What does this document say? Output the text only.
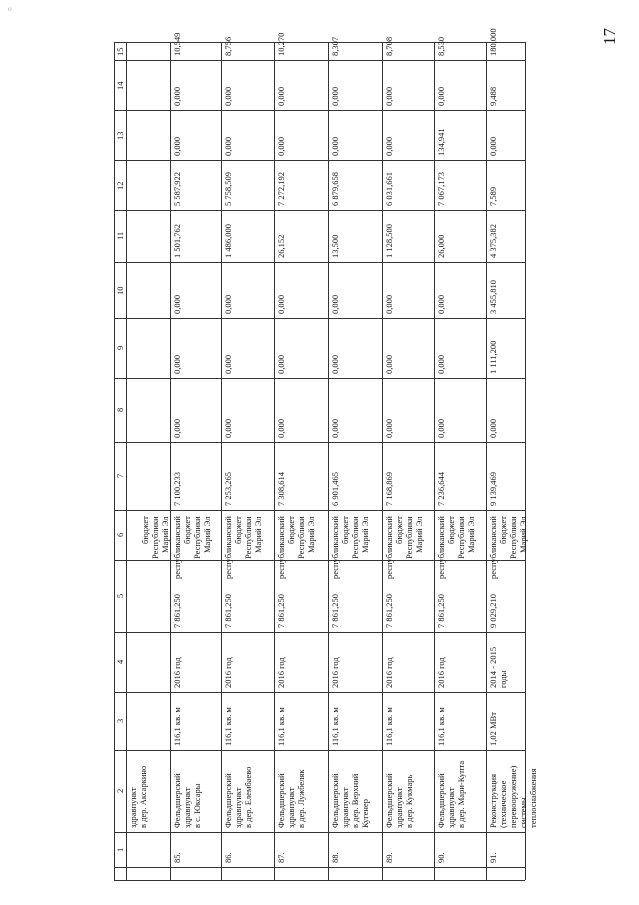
⁰
17
1
2
3
4
5
6
7
8
9
10
11
12
13
14
15
здравпункт в дер. Аксаркино
бюджет Республики Марий Эл
85.
Фельдшерский здравпункт в с. Юксары
116,1 кв. м
2016 год
7 861,250
республиканский бюджет Республики Марий Эл
7 100,233
0,000
0,000
0,000
1 501,762
5 587,922
0,000
0,000
10,549
86.
Фельдшерский здравпункт в дер. Елембаево
116,1 кв. м
2016 год
7 861,250
республиканский бюджет Республики Марий Эл
7 253,265
0,000
0,000
0,000
1 486,000
5 758,509
0,000
0,000
8,756
87.
Фельдшерский здравпункт в дер. Лужбеляк
116,1 кв. м
2016 год
7 861,250
республиканский бюджет Республики Марий Эл
7 308,614
0,000
0,000
0,000
26,152
7 272,192
0,000
0,000
10,270
88.
Фельдшерский здравпункт в дер. Верхний Кугенер
116,1 кв. м
2016 год
7 861,250
республиканский бюджет Республики Марий Эл
6 901,465
0,000
0,000
0,000
13,500
6 879,658
0,000
0,000
8,307
89.
Фельдшерский здравпункт в дер. Кукмарь
116,1 кв. м
2016 год
7 861,250
республиканский бюджет Республики Марий Эл
7 168,869
0,000
0,000
0,000
1 128,500
6 031,661
0,000
0,000
8,708
90.
Фельдшерский здравпункт в дер. Мари-Купта
116,1 кв. м
2016 год
7 861,250
республиканский бюджет Республики Марий Эл
7 236,644
0,000
0,000
0,000
26,000
7 067,173
134,941
0,000
8,530
91.
Реконструкция (техническое перевооружение) системы теплоснабжения
1,02 МВт
2014 - 2015 годы
9 029,210
республиканский бюджет Республики Марий Эл
9 139,469
0,000
1 111,200
3 455,810
4 375,382
7,589
0,000
9,488
180,000
